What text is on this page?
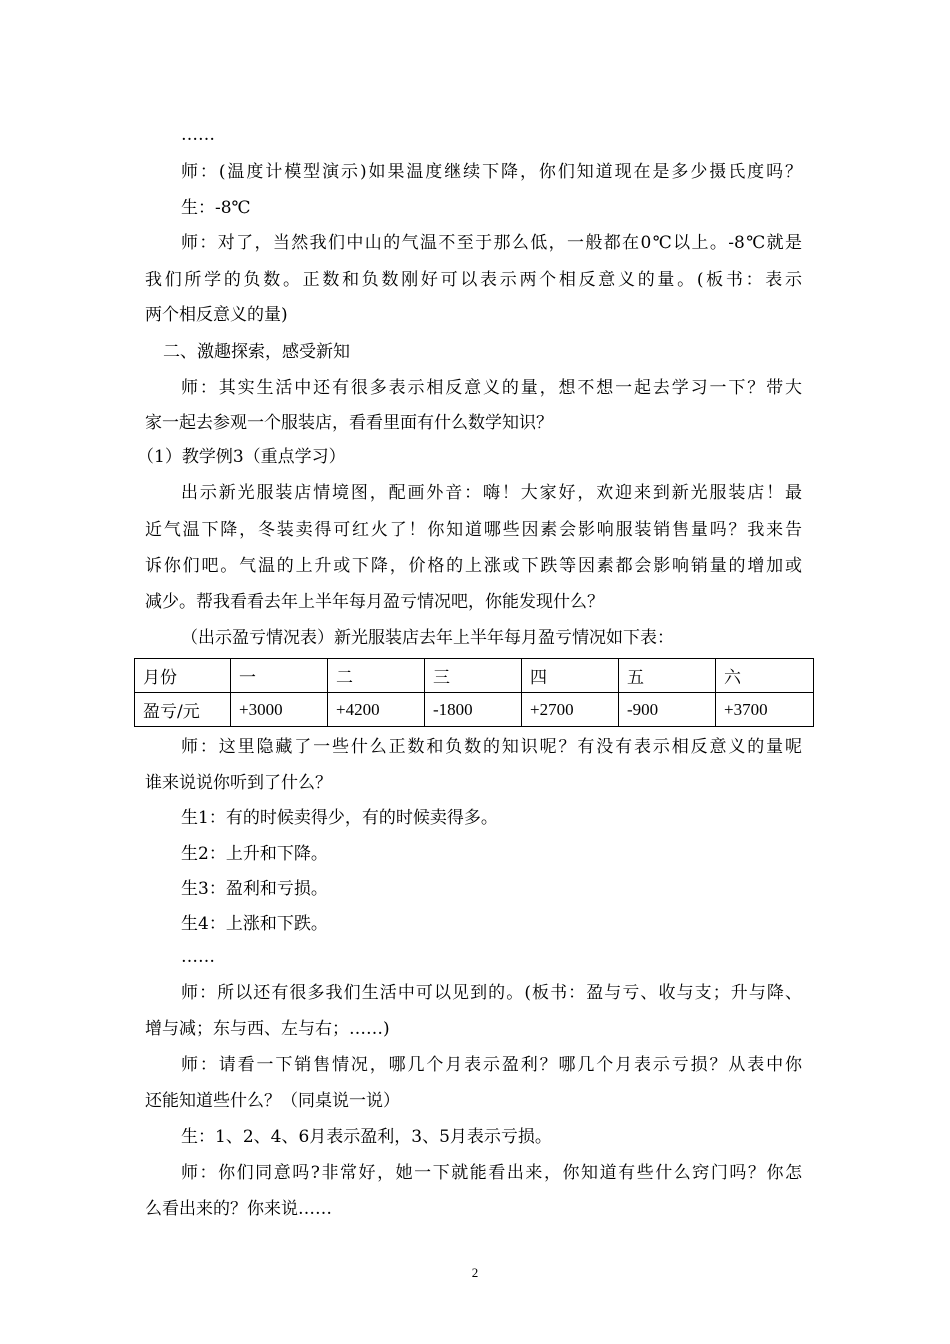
……
师：(温度计模型演示)如果温度继续下降，你们知道现在是多少摄氏度吗？
生：-8℃
师：对了，当然我们中山的气温不至于那么低，一般都在0℃以上。-8℃就是
我们所学的负数。正数和负数刚好可以表示两个相反意义的量。(板书：表示
两个相反意义的量)
二、激趣探索，感受新知
师：其实生活中还有很多表示相反意义的量，想不想一起去学习一下？带大
家一起去参观一个服装店，看看里面有什么数学知识？
（1）教学例3（重点学习）
出示新光服装店情境图，配画外音：嗨！大家好，欢迎来到新光服装店！最
近气温下降，冬装卖得可红火了！你知道哪些因素会影响服装销售量吗？我来告
诉你们吧。气温的上升或下降，价格的上涨或下跌等因素都会影响销量的增加或
减少。帮我看看去年上半年每月盈亏情况吧，你能发现什么？
（出示盈亏情况表）新光服装店去年上半年每月盈亏情况如下表：
月份	一	二	三	四	五	六
盈亏/元	+3000	+4200	-1800	+2700	-900	+3700
师：这里隐藏了一些什么正数和负数的知识呢？有没有表示相反意义的量呢
谁来说说你听到了什么？
生1：有的时候卖得少，有的时候卖得多。
生2：上升和下降。
生3：盈利和亏损。
生4：上涨和下跌。
……
师：所以还有很多我们生活中可以见到的。(板书：盈与亏、收与支；升与降、
增与减；东与西、左与右；……)
师：请看一下销售情况，哪几个月表示盈利？哪几个月表示亏损？从表中你
还能知道些什么？（同桌说一说）
生：1、2、4、6月表示盈利，3、5月表示亏损。
师：你们同意吗?非常好，她一下就能看出来，你知道有些什么窍门吗？你怎
么看出来的？你来说……
2
